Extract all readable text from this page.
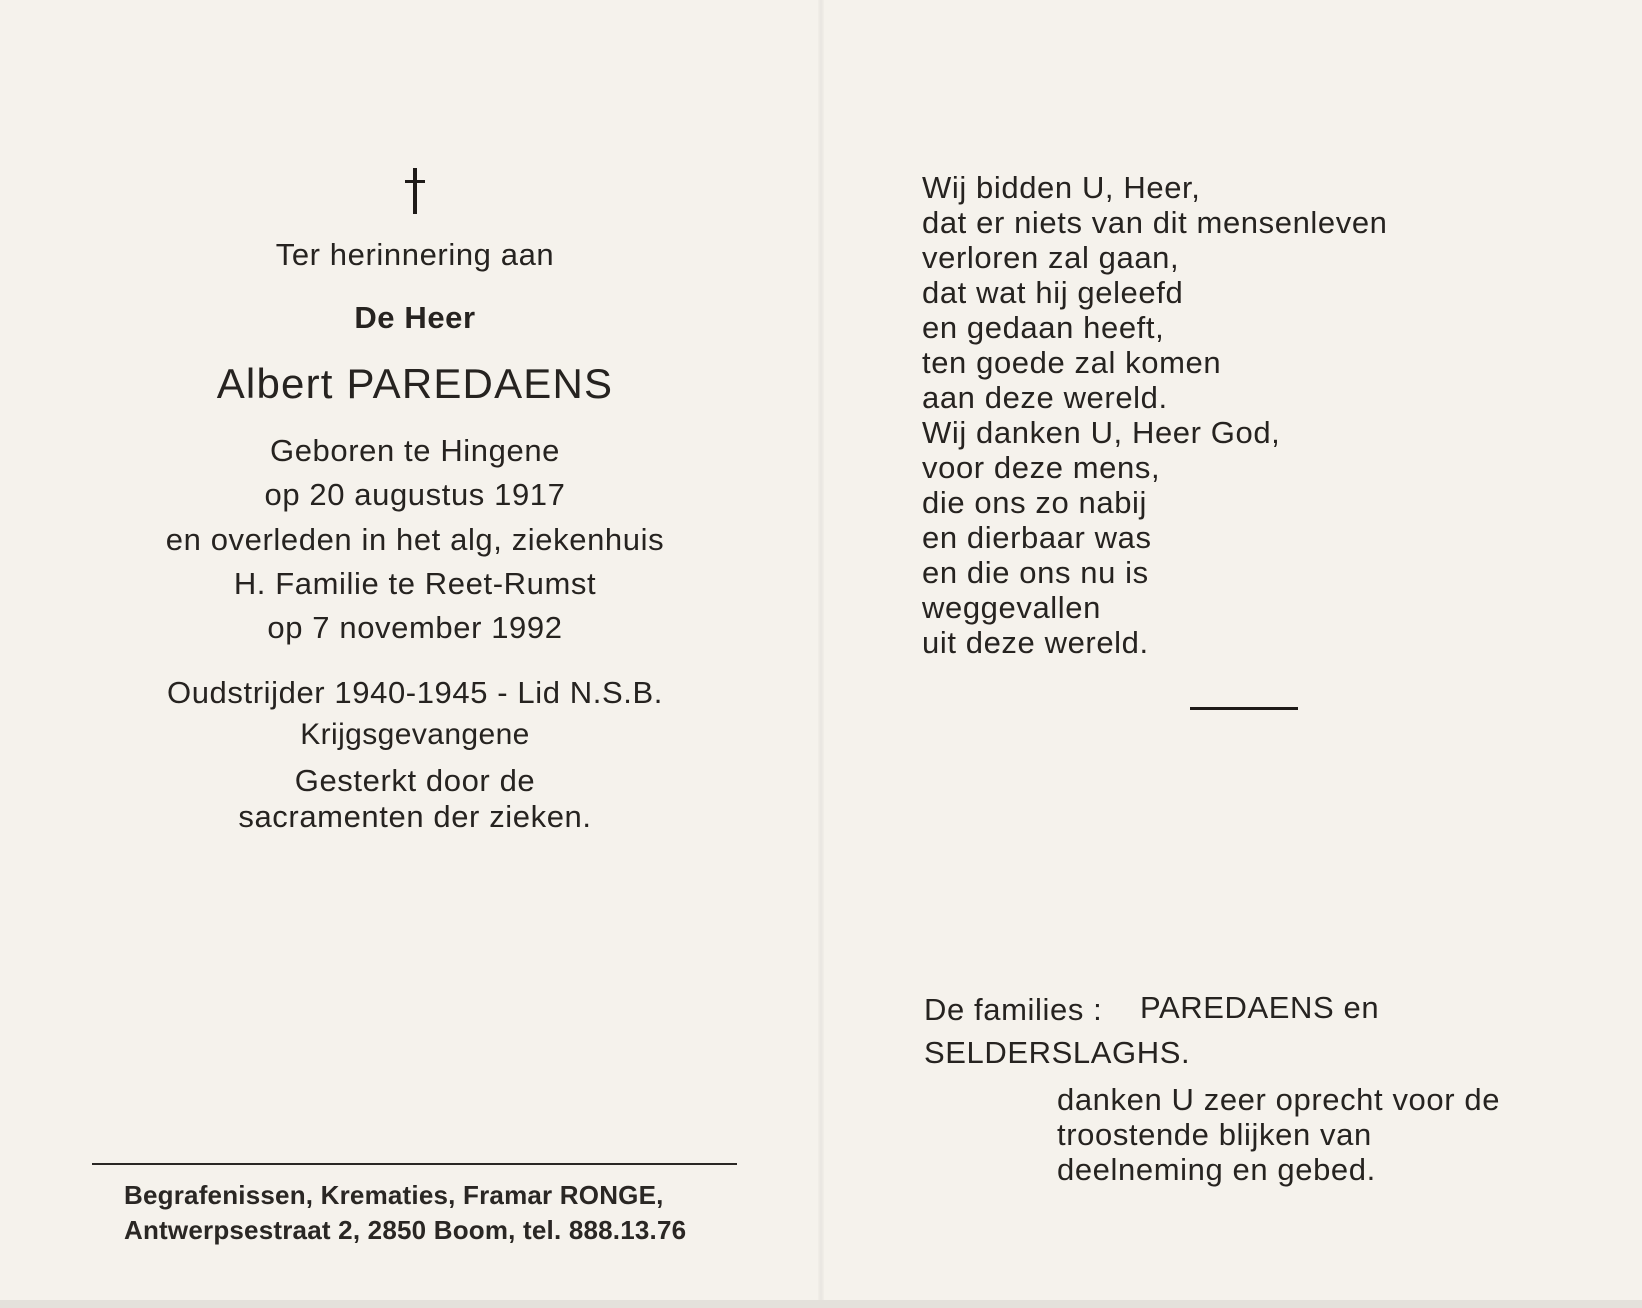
Ter herinnering aan
De Heer
Albert PAREDAENS
Geboren te Hingene
op 20 augustus 1917
en overleden in het alg, ziekenhuis
H. Familie te Reet-Rumst
op 7 november 1992
Oudstrijder 1940-1945 - Lid N.S.B.
Krijgsgevangene
Gesterkt door de
sacramenten der zieken.
Begrafenissen, Krematies, Framar RONGE,
Antwerpsestraat 2, 2850 Boom, tel. 888.13.76
Wij bidden U, Heer,
dat er niets van dit mensenleven
verloren zal gaan,
dat wat hij geleefd
en gedaan heeft,
ten goede zal komen
aan deze wereld.
Wij danken U, Heer God,
voor deze mens,
die ons zo nabij
en dierbaar was
en die ons nu is
weggevallen
uit deze wereld.
De families : PAREDAENS en
SELDERSLAGHS.
danken U zeer oprecht voor de
troostende blijken van
deelneming en gebed.
